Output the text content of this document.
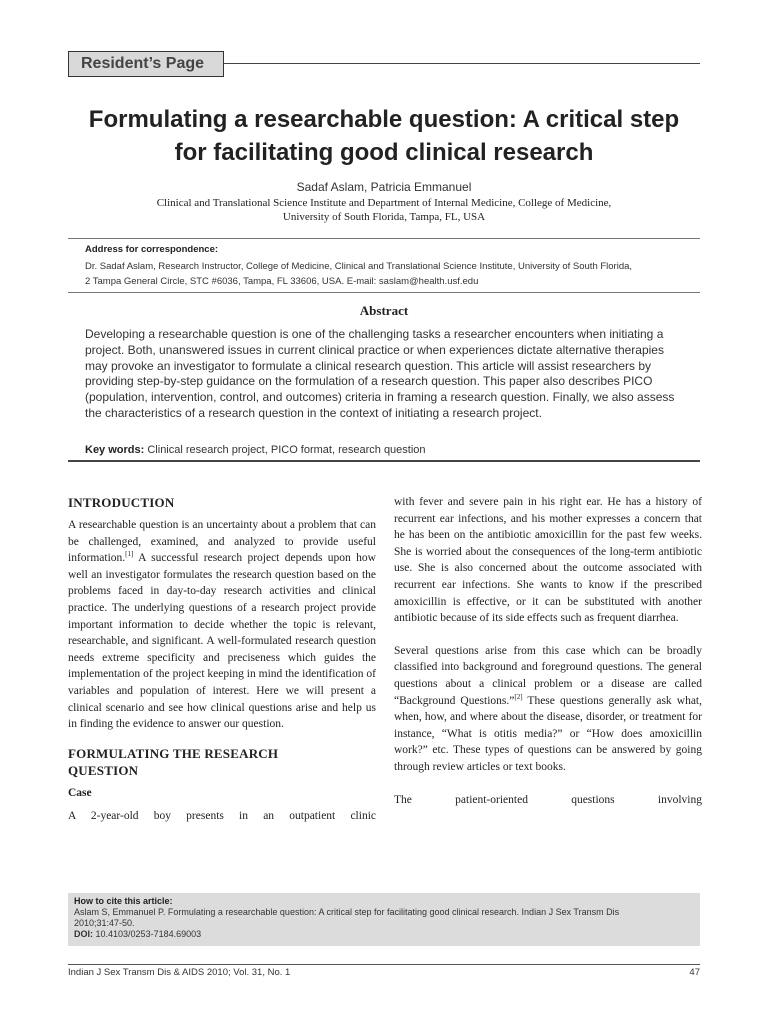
Resident’s Page
Formulating a researchable question: A critical step
for facilitating good clinical research
Sadaf Aslam, Patricia Emmanuel
Clinical and Translational Science Institute and Department of Internal Medicine, College of Medicine,
University of South Florida, Tampa, FL, USA
Address for correspondence:
Dr. Sadaf Aslam, Research Instructor, College of Medicine, Clinical and Translational Science Institute, University of South Florida,
2 Tampa General Circle, STC #6036, Tampa, FL 33606, USA. E-mail: saslam@health.usf.edu
Abstract
Developing a researchable question is one of the challenging tasks a researcher encounters when initiating a project. Both, unanswered issues in current clinical practice or when experiences dictate alternative therapies may provoke an investigator to formulate a clinical research question. This article will assist researchers by providing step-by-step guidance on the formulation of a research question. This paper also describes PICO (population, intervention, control, and outcomes) criteria in framing a research question. Finally, we also assess the characteristics of a research question in the context of initiating a research project.
Key words: Clinical research project, PICO format, research question
INTRODUCTION

A researchable question is an uncertainty about a problem that can be challenged, examined, and analyzed to provide useful information.[1] A successful research project depends upon how well an investigator formulates the research question based on the problems faced in day-to-day research activities and clinical practice. The underlying questions of a research project provide important information to decide whether the topic is relevant, researchable, and significant. A well-formulated research question needs extreme specificity and preciseness which guides the implementation of the project keeping in mind the identification of variables and population of interest. Here we will present a clinical scenario and see how clinical questions arise and help us in finding the evidence to answer our question.

FORMULATING THE RESEARCH
QUESTION
Case

A 2-year-old boy presents in an outpatient clinic

with fever and severe pain in his right ear. He has a history of recurrent ear infections, and his mother expresses a concern that he has been on the antibiotic amoxicillin for the past few weeks. She is worried about the consequences of the long-term antibiotic use. She is also concerned about the outcome associated with recurrent ear infections. She wants to know if the prescribed amoxicillin is effective, or it can be substituted with another antibiotic because of its side effects such as frequent diarrhea.

Several questions arise from this case which can be broadly classified into background and foreground questions. The general questions about a clinical problem or a disease are called “Background Questions.”[2] These questions generally ask what, when, how, and where about the disease, disorder, or treatment for instance, “What is otitis media?” or “How does amoxicillin work?” etc. These types of questions can be answered by going through review articles or text books.

The patient-oriented questions involving

How to cite this article:
Aslam S, Emmanuel P. Formulating a researchable question: A critical step for facilitating good clinical research. Indian J Sex Transm Dis
2010;31:47-50.
DOI: 10.4103/0253-7184.69003
Indian J Sex Transm Dis & AIDS 2010; Vol. 31, No. 1	47
